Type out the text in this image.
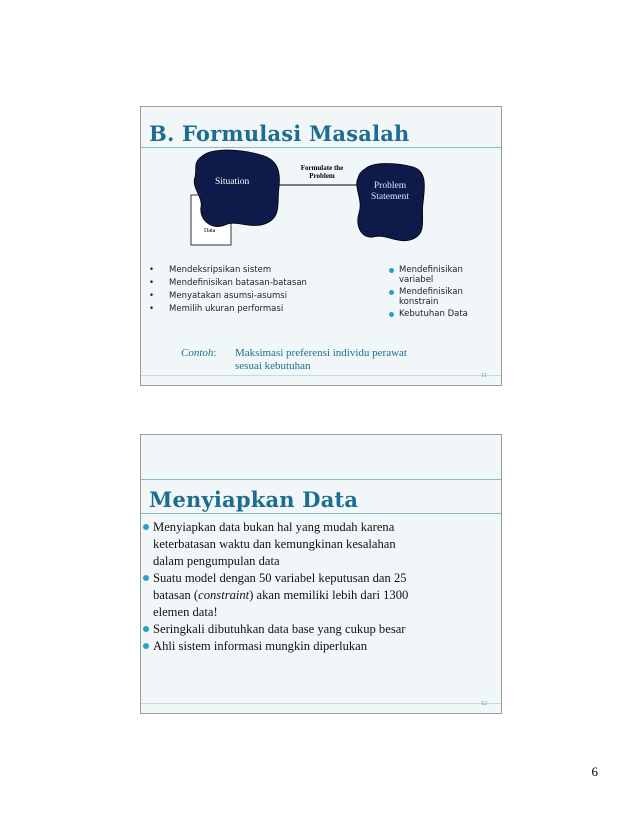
B. Formulasi Masalah
Situation
Data
Formulate the
Problem
Problem
Statement
• Mendeksripsikan sistem
• Mendefinisikan batasan-batasan
• Menyatakan asumsi-asumsi
• Memilih ukuran performasi
Mendefinisikan
variabel
Mendefinisikan
konstrain
Kebutuhan Data
Contoh: Maksimasi preferensi individu perawat
sesuai kebutuhan
11
Menyiapkan Data
Menyiapkan data bukan hal yang mudah karena
keterbatasan waktu dan kemungkinan kesalahan
dalam pengumpulan data
Suatu model dengan 50 variabel keputusan dan 25
batasan (constraint) akan memiliki lebih dari 1300
elemen data!
Seringkali dibutuhkan data base yang cukup besar
Ahli sistem informasi mungkin diperlukan
12
6
